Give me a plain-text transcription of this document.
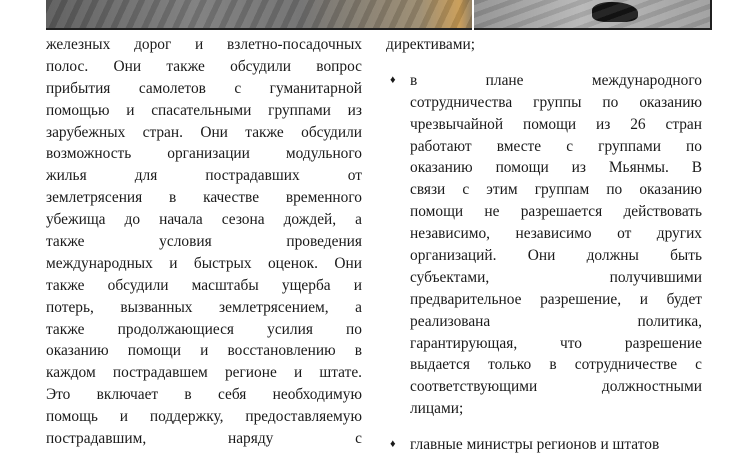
железных дорог и взлетно-посадочных
полос. Они также обсудили вопрос
прибытия самолетов с гуманитарной
помощью и спасательными группами из
зарубежных стран. Они также обсудили
возможность организации модульного
жилья для пострадавших от
землетрясения в качестве временного
убежища до начала сезона дождей, а
также условия проведения
международных и быстрых оценок. Они
также обсудили масштабы ущерба и
потерь, вызванных землетрясением, а
также продолжающиеся усилия по
оказанию помощи и восстановлению в
каждом пострадавшем регионе и штате.
Это включает в себя необходимую
помощь и поддержку, предоставляемую
пострадавшим, наряду с
директивами;
♦ в плане международного
сотрудничества группы по оказанию
чрезвычайной помощи из 26 стран
работают вместе с группами по
оказанию помощи из Мьянмы. В
связи с этим группам по оказанию
помощи не разрешается действовать
независимо, независимо от других
организаций. Они должны быть
субъектами, получившими
предварительное разрешение, и будет
реализована политика,
гарантирующая, что разрешение
выдается только в сотрудничестве с
соответствующими должностными
лицами;
♦ главные министры регионов и штатов
